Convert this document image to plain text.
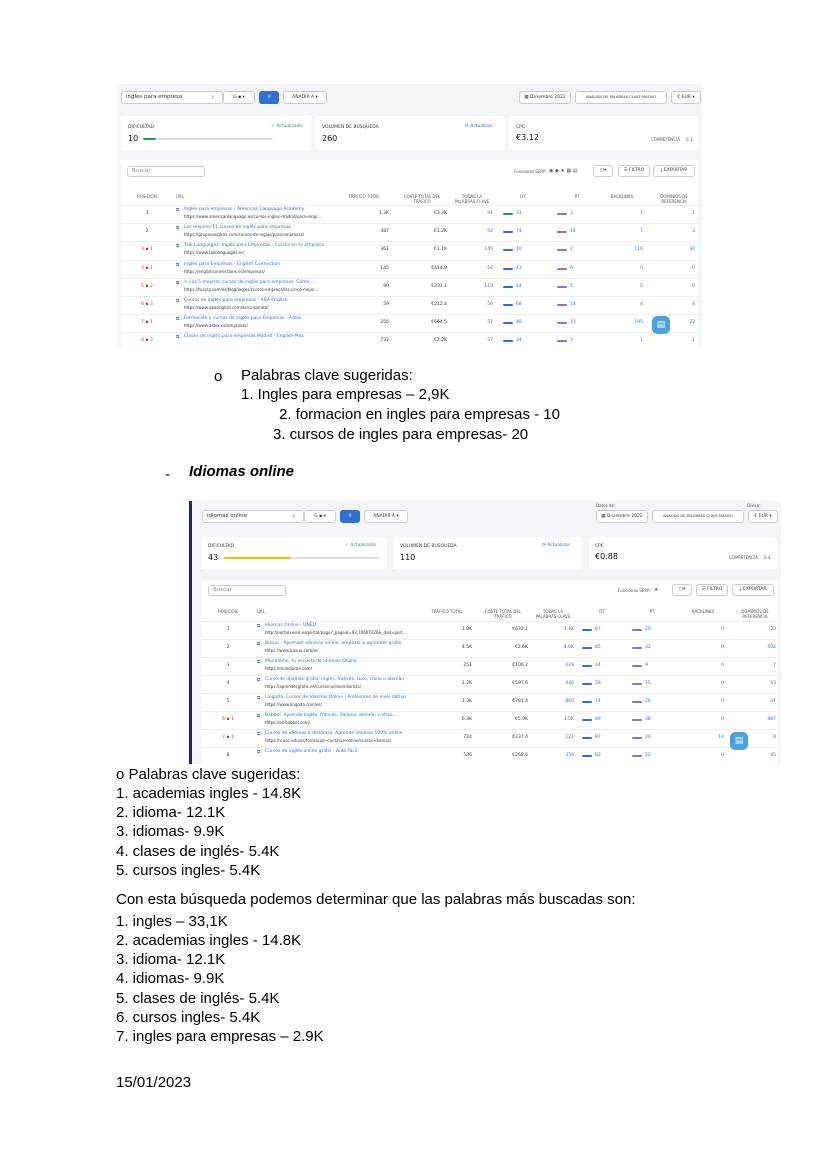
ingles para empresa	×	G ▪ ▾	⚲	AÑADIR A ▾	▦ Diciembre 2022	ANÁLISIS DE PALABRAS CLAVE MASIVO	€ EUR ▾
DIFICULTAD	✓ Actualizado
10
VOLUMEN DE BÚSQUEDA	⟳ Actualizar
260
CPC
€3.12	COMPETENCIA 0.1
Buscar	Funciones SERP: ◉ ◆ ★ ▦ ▤	▢▾	☰ FILTRO	⤓ EXPORTAR
POSICIÓN	URL	TRÁFICO TOTAL	COSTE TOTAL DEL TRÁFICO
TODAS LA PALABRAS CLAVE
DT	PT	BACKLINKS	DOMINIOS DE REFERENCIA
1
⧉ Inglés para empresas - American Language Academy
https://www.americanlanguage.es/cursos-ingles-madrid/para-empr...
1.3K	€3.3K	91	31	3	1	1
2
⧉ Los mejores 11 cursos de inglés para empresas
https://grupovaughan.com/cursos-de-ingles/para-empresas/
487	€1.2K	92	74	14	7	3
3 ▪ 1
⧉ Talk Languages: Inglés para Empresas - Cursos en tu empresa
https://www.talklanguages.es/
361	€1.1K	145	10	2	110	30
4 ▪ 1
⧉ Inglés para Empresas - English Connection
https://englishconnections.es/empresas/
145	€414.9	54	43	6	0	0
5 ▪ 2
⧉ > Los 5 mejores cursos de inglés para empresas. Cómo ...
https://tuinity.com/es/blog/ingles/cursos-empresa/los-cinco-mejor...
90	€331.1	119	44	5	0	0
6 ▪ 3
⧉ Cursos de inglés para empresas - ABA English
https://www.abaenglish.com/es/corporate/
59	€212.4	56	68	14	4	4
7 ▪ 1
⧉ Formación y cursos de inglés para Empresas - Astex
https://www.astex.es/empresas/
256	€664.5	57	48	13	195	22
8 ▪ 3
⧉ Clases de inglés para empresas Madrid - English-Plus
732	€2.2K	57	24	3	1	1
▤
o Palabras clave sugeridas:
1. Ingles para empresas – 2,9K
2. formacion en ingles para empresas - 10
3. cursos de ingles para empresas- 20
- Idiomas online
Datos de:	Divisa:
idiomas online	×	G ▪ ▾	⚲	AÑADIR A ▾	▦ Diciembre 2022	ANÁLISIS DE PALABRAS CLAVE MASIVO	€ EUR ▾
DIFICULTAD	✓ Actualizado
43
VOLUMEN DE BÚSQUEDA	⟳ Actualizar
110
CPC
€0.88	COMPETENCIA 0.4
Buscar	Funciones SERP: ★	▢▾	☰ FILTRO	⤓ EXPORTAR
POSICIÓN	URL	TRÁFICO TOTAL	COSTE TOTAL DEL TRÁFICO
TODAS LA PALABRAS CLAVE
DT	PT	BACKLINKS	DOMINIOS DE REFERENCIA
1
⧉ Idiomas Online - UNED
http://portal.uned.es/portal/page?_pageid=93,70607226&_dad=port...
1.8K	€633.1	1.4K	87	20	0	20
2
⧉ Busuu - Aprender idiomas online: empezar a aprender gratis
https://www.busuu.com/es
4.5K	€2.6K	4.6K	85	32	0	502
3
⧉ Mundiome, tu escuela de idiomas Online
https://mundiome.com/
251	€106.2	229	24	9	0	7
4
⧉ Curso de idiomas gratis: inglés, francés, ruso, chino o alemán
https://aprendergratis.es/cursos-online/idiomas/
1.2K	€597.6	446	58	15	0	43
5
⧉ Lingoda: Cursos de Idiomas Online | Profesores de nivel nativo
https://www.lingoda.com/es/
1.3K	€781.4	860	74	26	0	47
6 ▪ 1
⧉ Babbel: Aprende inglés, francés, italiano, alemán y otros ...
https://es.babbel.com/
6.3K	€5.9K	1.5K	89	38	0	987
7 ▪ 1
⧉ Cursos de idiomas a distancia. Aprende idiomas 100% online
https://v.uoc.edu/es/formacion-continua-online/cursos-idiomas/
724	€237.4	121	87	20	14	8
8
⧉ Cursos de inglés online gratis - Aula Fácil
536	€268.6	356	83	22	0	45
▤
o Palabras clave sugeridas:
1. academias ingles - 14.8K
2. idioma- 12.1K
3. idiomas- 9.9K
4. clases de inglés- 5.4K
5. cursos ingles- 5.4K
Con esta búsqueda podemos determinar que las palabras más buscadas son:
1. ingles – 33,1K
2. academias ingles - 14.8K
3. idioma- 12.1K
4. idiomas- 9.9K
5. clases de inglés- 5.4K
6. cursos ingles- 5.4K
7. ingles para empresas – 2.9K
15/01/2023
